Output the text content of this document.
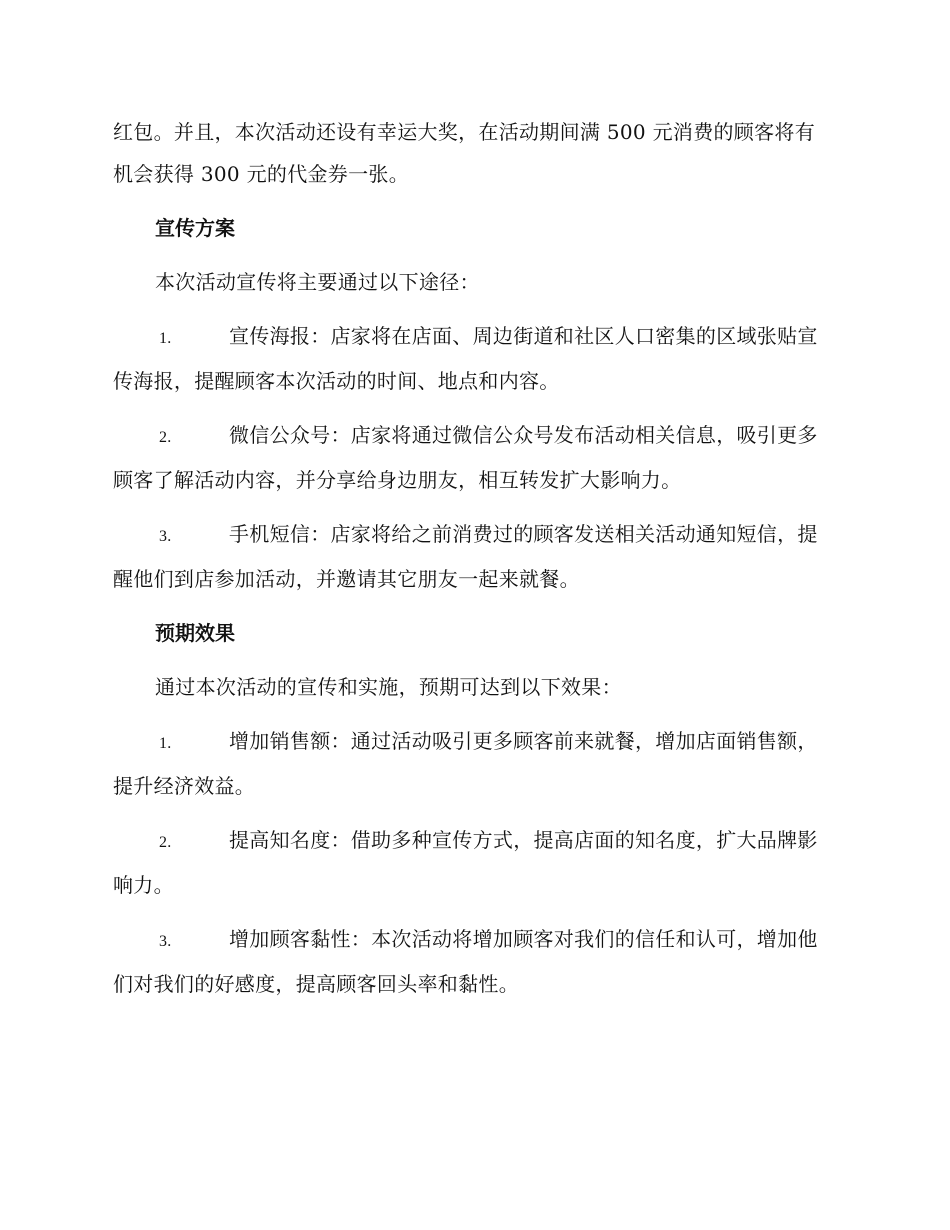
红包。并且，本次活动还设有幸运大奖，在活动期间满 500 元消费的顾客将有机会获得 300 元的代金券一张。

宣传方案

本次活动宣传将主要通过以下途径：

1.	宣传海报：店家将在店面、周边街道和社区人口密集的区域张贴宣传海报，提醒顾客本次活动的时间、地点和内容。

2.	微信公众号：店家将通过微信公众号发布活动相关信息，吸引更多顾客了解活动内容，并分享给身边朋友，相互转发扩大影响力。

3.	手机短信：店家将给之前消费过的顾客发送相关活动通知短信，提醒他们到店参加活动，并邀请其它朋友一起来就餐。

预期效果

通过本次活动的宣传和实施，预期可达到以下效果：

1.	增加销售额：通过活动吸引更多顾客前来就餐，增加店面销售额，提升经济效益。

2.	提高知名度：借助多种宣传方式，提高店面的知名度，扩大品牌影响力。

3.	增加顾客黏性：本次活动将增加顾客对我们的信任和认可，增加他们对我们的好感度，提高顾客回头率和黏性。
